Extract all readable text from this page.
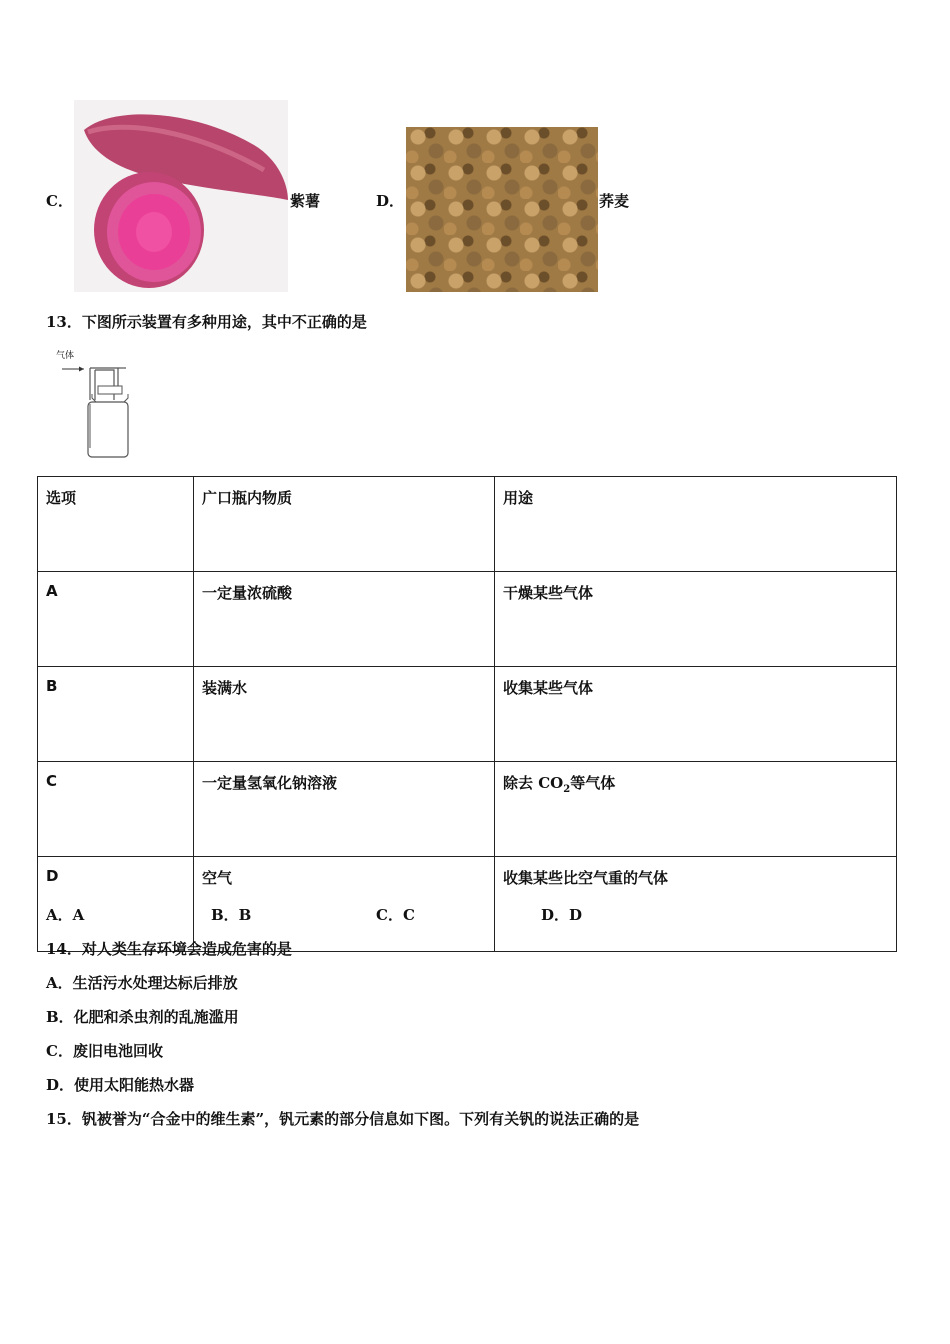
C．	紫薯	D．	荞麦
13．下图所示装置有多种用途，其中不正确的是
气体
选项	广口瓶内物质	用途
A	一定量浓硫酸	干燥某些气体
B	装满水	收集某些气体
C	一定量氢氧化钠溶液	除去 $CO_2$等气体
D	空气	收集某些比空气重的气体
A．A	B．B	C．C	D．D
14．对人类生存环境会造成危害的是
A．生活污水处理达标后排放
B．化肥和杀虫剂的乱施滥用
C．废旧电池回收
D．使用太阳能热水器
15．钒被誉为“合金中的维生素”，钒元素的部分信息如下图。下列有关钒的说法正确的是
